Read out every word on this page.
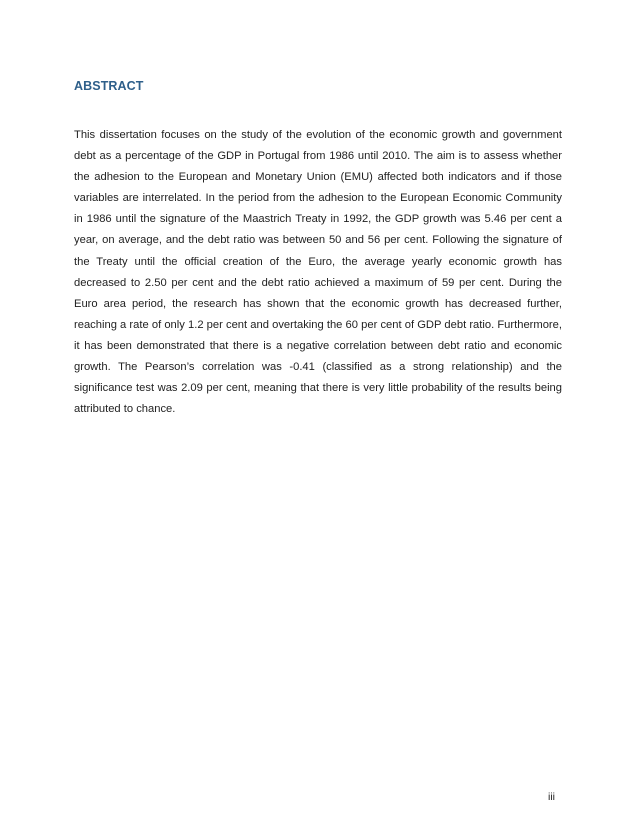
ABSTRACT

This dissertation focuses on the study of the evolution of the economic growth and government debt as a percentage of the GDP in Portugal from 1986 until 2010. The aim is to assess whether the adhesion to the European and Monetary Union (EMU) affected both indicators and if those variables are interrelated. In the period from the adhesion to the European Economic Community in 1986 until the signature of the Maastrich Treaty in 1992, the GDP growth was 5.46 per cent a year, on average, and the debt ratio was between 50 and 56 per cent. Following the signature of the Treaty until the official creation of the Euro, the average yearly economic growth has decreased to 2.50 per cent and the debt ratio achieved a maximum of 59 per cent. During the Euro area period, the research has shown that the economic growth has decreased further, reaching a rate of only 1.2 per cent and overtaking the 60 per cent of GDP debt ratio. Furthermore, it has been demonstrated that there is a negative correlation between debt ratio and economic growth. The Pearson’s correlation was -0.41 (classified as a strong relationship) and the significance test was 2.09 per cent, meaning that there is very little probability of the results being attributed to chance.

iii
